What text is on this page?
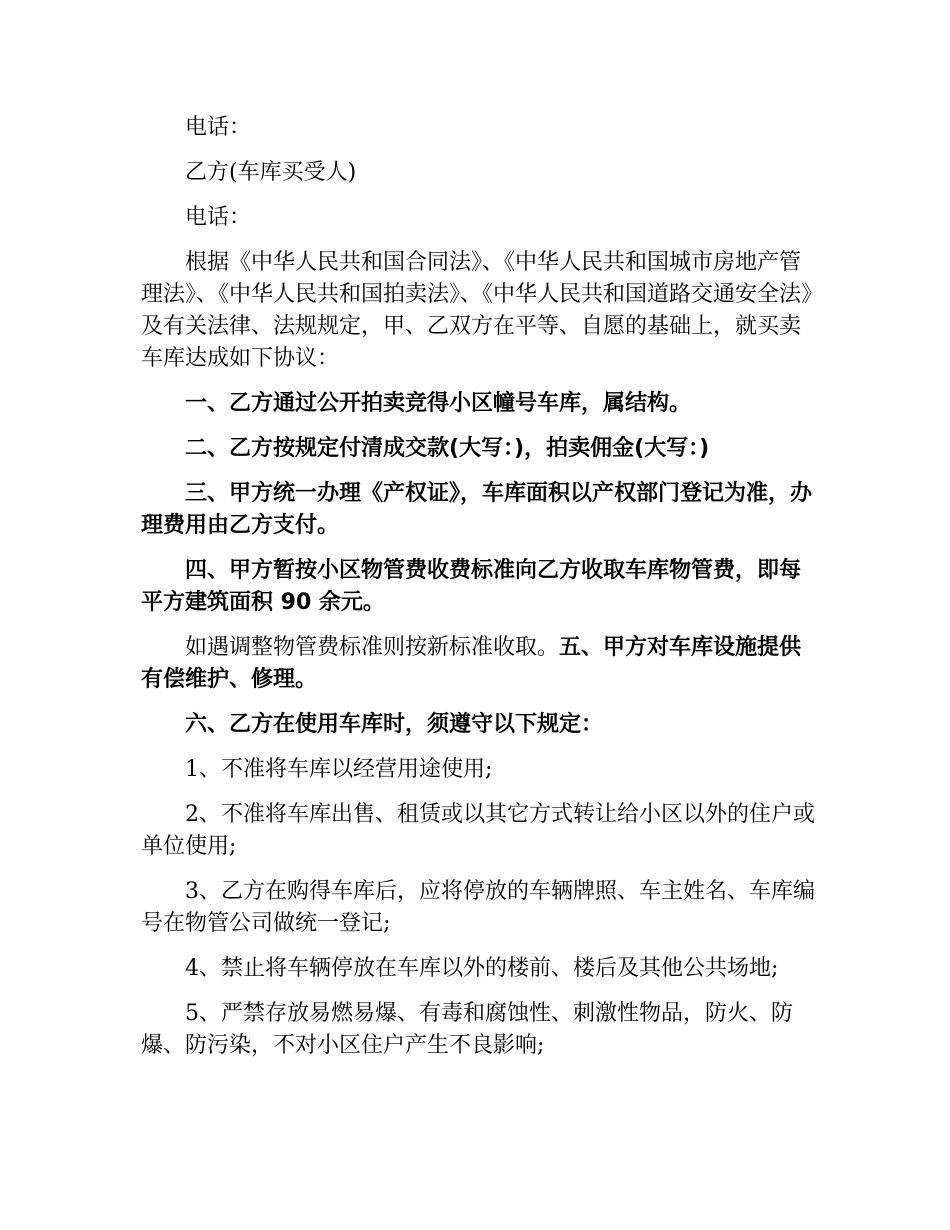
电话：

乙方(车库买受人)

电话：

根据《中华人民共和国合同法》、《中华人民共和国城市房地产管理法》、《中华人民共和国拍卖法》、《中华人民共和国道路交通安全法》及有关法律、法规规定，甲、乙双方在平等、自愿的基础上，就买卖车库达成如下协议：

一、乙方通过公开拍卖竞得小区幢号车库，属结构。

二、乙方按规定付清成交款(大写：)，拍卖佣金(大写：)

三、甲方统一办理《产权证》，车库面积以产权部门登记为准，办理费用由乙方支付。

四、甲方暂按小区物管费收费标准向乙方收取车库物管费，即每平方建筑面积 90 余元。

如遇调整物管费标准则按新标准收取。五、甲方对车库设施提供有偿维护、修理。

六、乙方在使用车库时，须遵守以下规定：

1、不准将车库以经营用途使用;

2、不准将车库出售、租赁或以其它方式转让给小区以外的住户或单位使用;

3、乙方在购得车库后，应将停放的车辆牌照、车主姓名、车库编号在物管公司做统一登记;

4、禁止将车辆停放在车库以外的楼前、楼后及其他公共场地;

5、严禁存放易燃易爆、有毒和腐蚀性、刺激性物品，防火、防爆、防污染，不对小区住户产生不良影响;
